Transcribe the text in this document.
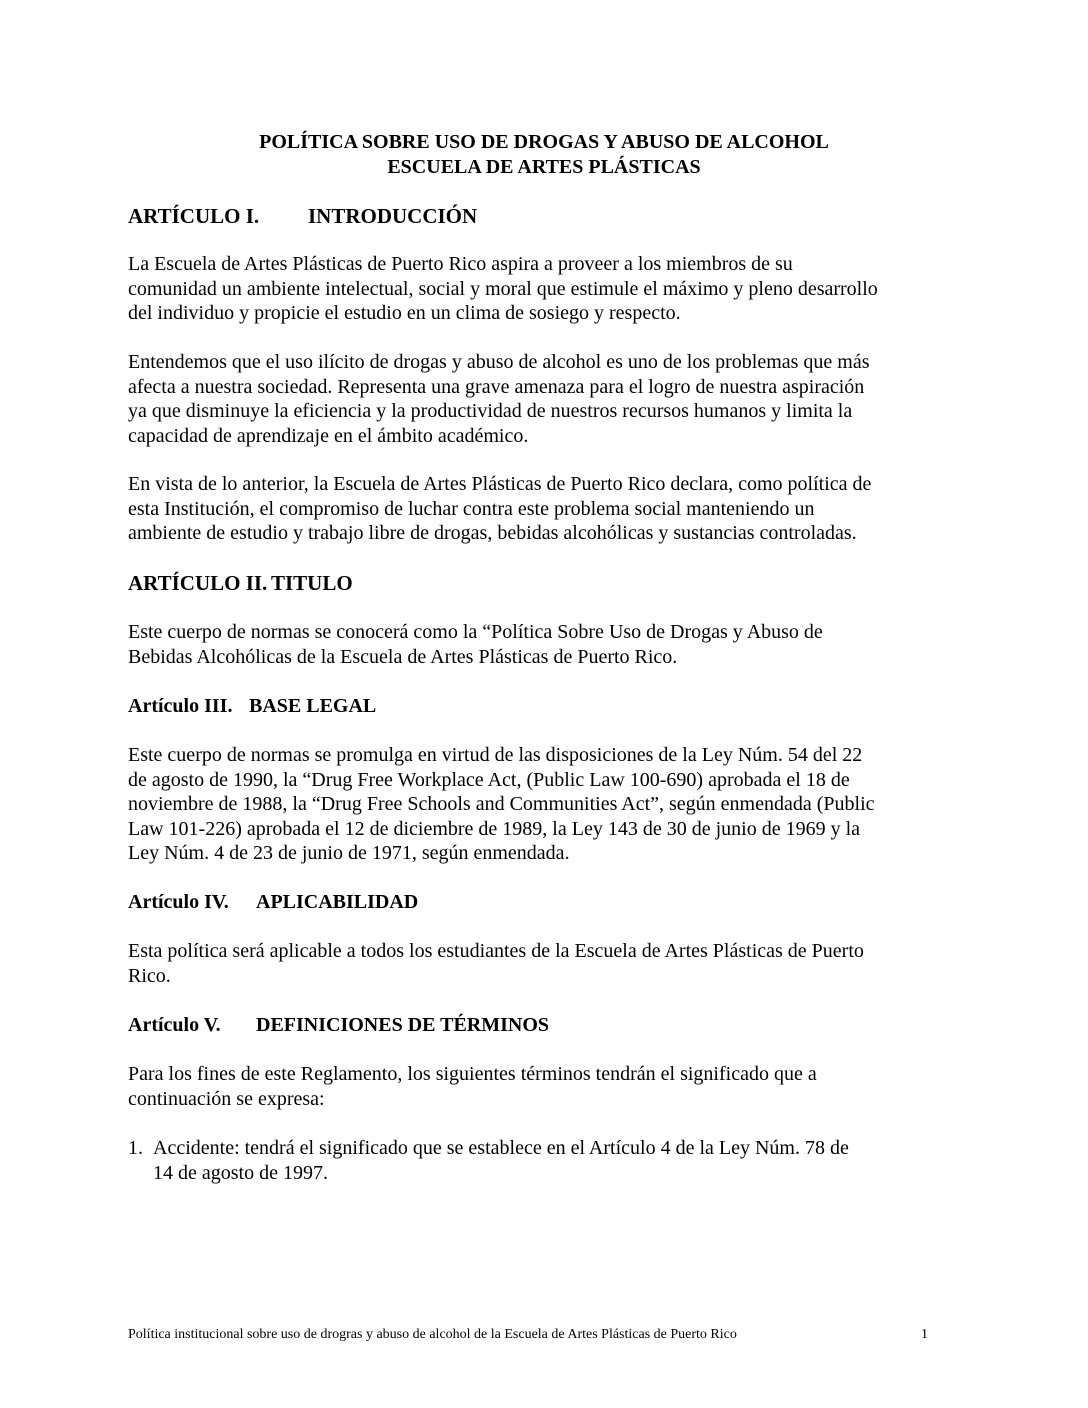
POLÍTICA SOBRE USO DE DROGAS Y ABUSO DE ALCOHOL
ESCUELA DE ARTES PLÁSTICAS
ARTÍCULO I. INTRODUCCIÓN
La Escuela de Artes Plásticas de Puerto Rico aspira a proveer a los miembros de su
comunidad un ambiente intelectual, social y moral que estimule el máximo y pleno desarrollo
del individuo y propicie el estudio en un clima de sosiego y respecto.
Entendemos que el uso ilícito de drogas y abuso de alcohol es uno de los problemas que más
afecta a nuestra sociedad. Representa una grave amenaza para el logro de nuestra aspiración
ya que disminuye la eficiencia y la productividad de nuestros recursos humanos y limita la
capacidad de aprendizaje en el ámbito académico.
En vista de lo anterior, la Escuela de Artes Plásticas de Puerto Rico declara, como política de
esta Institución, el compromiso de luchar contra este problema social manteniendo un
ambiente de estudio y trabajo libre de drogas, bebidas alcohólicas y sustancias controladas.
ARTÍCULO II. TITULO
Este cuerpo de normas se conocerá como la “Política Sobre Uso de Drogas y Abuso de
Bebidas Alcohólicas de la Escuela de Artes Plásticas de Puerto Rico.
Artículo III. BASE LEGAL
Este cuerpo de normas se promulga en virtud de las disposiciones de la Ley Núm. 54 del 22
de agosto de 1990, la “Drug Free Workplace Act, (Public Law 100-690) aprobada el 18 de
noviembre de 1988, la “Drug Free Schools and Communities Act”, según enmendada (Public
Law 101-226) aprobada el 12 de diciembre de 1989, la Ley 143 de 30 de junio de 1969 y la
Ley Núm. 4 de 23 de junio de 1971, según enmendada.
Artículo IV. APLICABILIDAD
Esta política será aplicable a todos los estudiantes de la Escuela de Artes Plásticas de Puerto
Rico.
Artículo V. DEFINICIONES DE TÉRMINOS
Para los fines de este Reglamento, los siguientes términos tendrán el significado que a
continuación se expresa:
1. Accidente: tendrá el significado que se establece en el Artículo 4 de la Ley Núm. 78 de
14 de agosto de 1997.
Política institucional sobre uso de drogras y abuso de alcohol de la Escuela de Artes Plásticas de Puerto Rico	1
